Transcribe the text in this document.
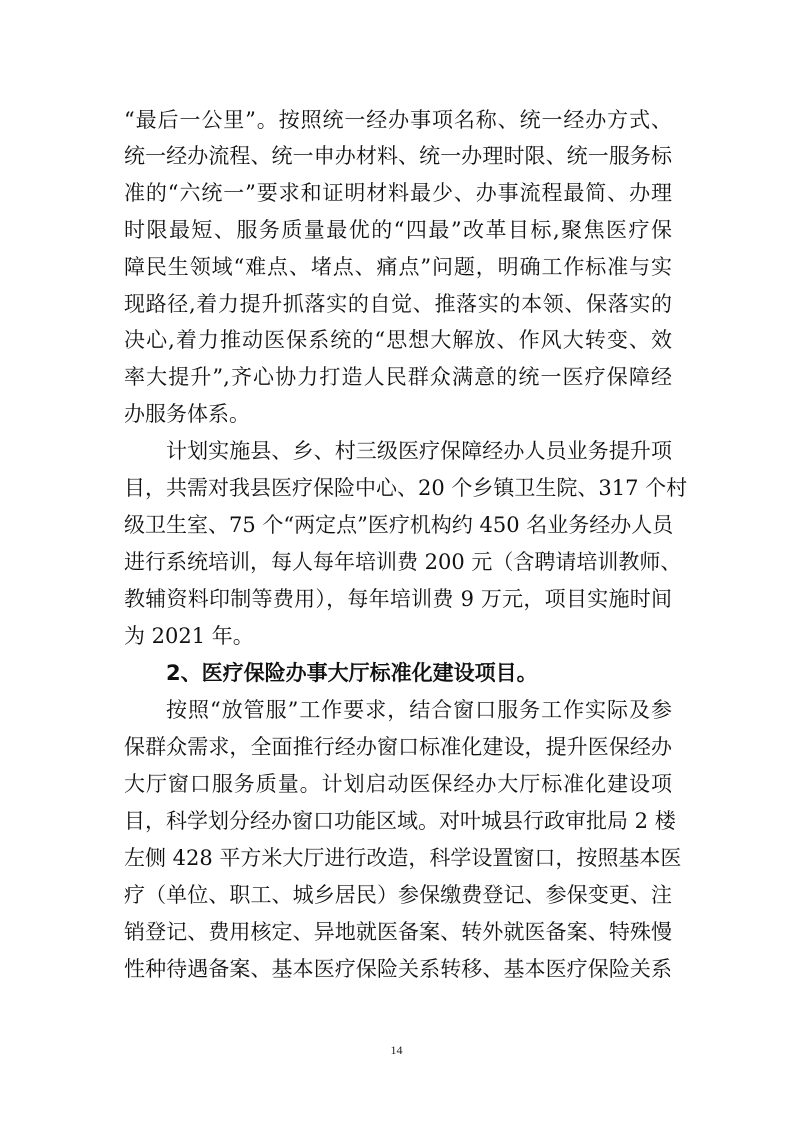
“最后一公里”。按照统一经办事项名称、统一经办方式、
统一经办流程、统一申办材料、统一办理时限、统一服务标
准的“六统一”要求和证明材料最少、办事流程最简、办理
时限最短、服务质量最优的“四最”改革目标,聚焦医疗保
障民生领域“难点、堵点、痛点”问题，明确工作标准与实
现路径,着力提升抓落实的自觉、推落实的本领、保落实的
决心,着力推动医保系统的“思想大解放、作风大转变、效
率大提升”,齐心协力打造人民群众满意的统一医疗保障经
办服务体系。
计划实施县、乡、村三级医疗保障经办人员业务提升项
目，共需对我县医疗保险中心、20 个乡镇卫生院、317 个村
级卫生室、75 个“两定点”医疗机构约 450 名业务经办人员
进行系统培训，每人每年培训费 200 元（含聘请培训教师、
教辅资料印制等费用），每年培训费 9 万元，项目实施时间
为 2021 年。
2、医疗保险办事大厅标准化建设项目。
按照“放管服”工作要求，结合窗口服务工作实际及参
保群众需求，全面推行经办窗口标准化建设，提升医保经办
大厅窗口服务质量。计划启动医保经办大厅标准化建设项
目，科学划分经办窗口功能区域。对叶城县行政审批局 2 楼
左侧 428 平方米大厅进行改造，科学设置窗口，按照基本医
疗（单位、职工、城乡居民）参保缴费登记、参保变更、注
销登记、费用核定、异地就医备案、转外就医备案、特殊慢
性种待遇备案、基本医疗保险关系转移、基本医疗保险关系
14
